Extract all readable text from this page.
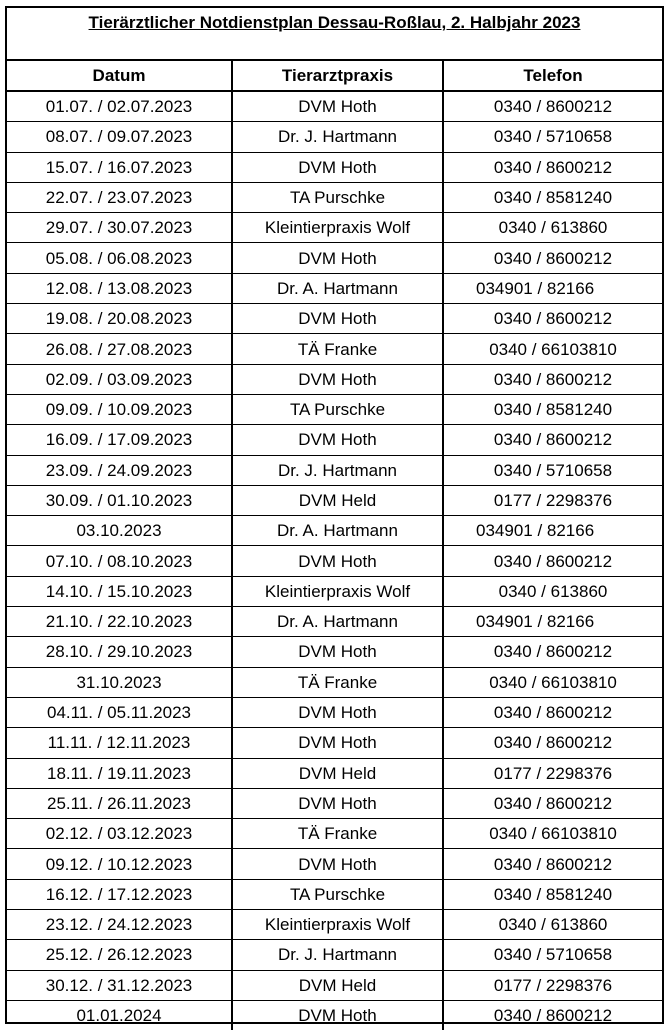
Tierärztlicher Notdienstplan Dessau-Roßlau, 2. Halbjahr 2023
Datum	Tierarztpraxis	Telefon
01.07. / 02.07.2023	DVM Hoth	0340 / 8600212
08.07. / 09.07.2023	Dr. J. Hartmann	0340 / 5710658
15.07. / 16.07.2023	DVM Hoth	0340 / 8600212
22.07. / 23.07.2023	TA Purschke	0340 / 8581240
29.07. / 30.07.2023	Kleintierpraxis Wolf	0340 / 613860
05.08. / 06.08.2023	DVM Hoth	0340 / 8600212
12.08. / 13.08.2023	Dr. A. Hartmann	034901 / 82166
19.08. / 20.08.2023	DVM Hoth	0340 / 8600212
26.08. / 27.08.2023	TÄ Franke	0340 / 66103810
02.09. / 03.09.2023	DVM Hoth	0340 / 8600212
09.09. / 10.09.2023	TA Purschke	0340 / 8581240
16.09. / 17.09.2023	DVM Hoth	0340 / 8600212
23.09. / 24.09.2023	Dr. J. Hartmann	0340 / 5710658
30.09. / 01.10.2023	DVM Held	0177 / 2298376
03.10.2023	Dr. A. Hartmann	034901 / 82166
07.10. / 08.10.2023	DVM Hoth	0340 / 8600212
14.10. / 15.10.2023	Kleintierpraxis Wolf	0340 / 613860
21.10. / 22.10.2023	Dr. A. Hartmann	034901 / 82166
28.10. / 29.10.2023	DVM Hoth	0340 / 8600212
31.10.2023	TÄ Franke	0340 / 66103810
04.11. / 05.11.2023	DVM Hoth	0340 / 8600212
11.11. / 12.11.2023	DVM Hoth	0340 / 8600212
18.11. / 19.11.2023	DVM Held	0177 / 2298376
25.11. / 26.11.2023	DVM Hoth	0340 / 8600212
02.12. / 03.12.2023	TÄ Franke	0340 / 66103810
09.12. / 10.12.2023	DVM Hoth	0340 / 8600212
16.12. / 17.12.2023	TA Purschke	0340 / 8581240
23.12. / 24.12.2023	Kleintierpraxis Wolf	0340 / 613860
25.12. / 26.12.2023	Dr. J. Hartmann	0340 / 5710658
30.12. / 31.12.2023	DVM Held	0177 / 2298376
01.01.2024	DVM Hoth	0340 / 8600212
